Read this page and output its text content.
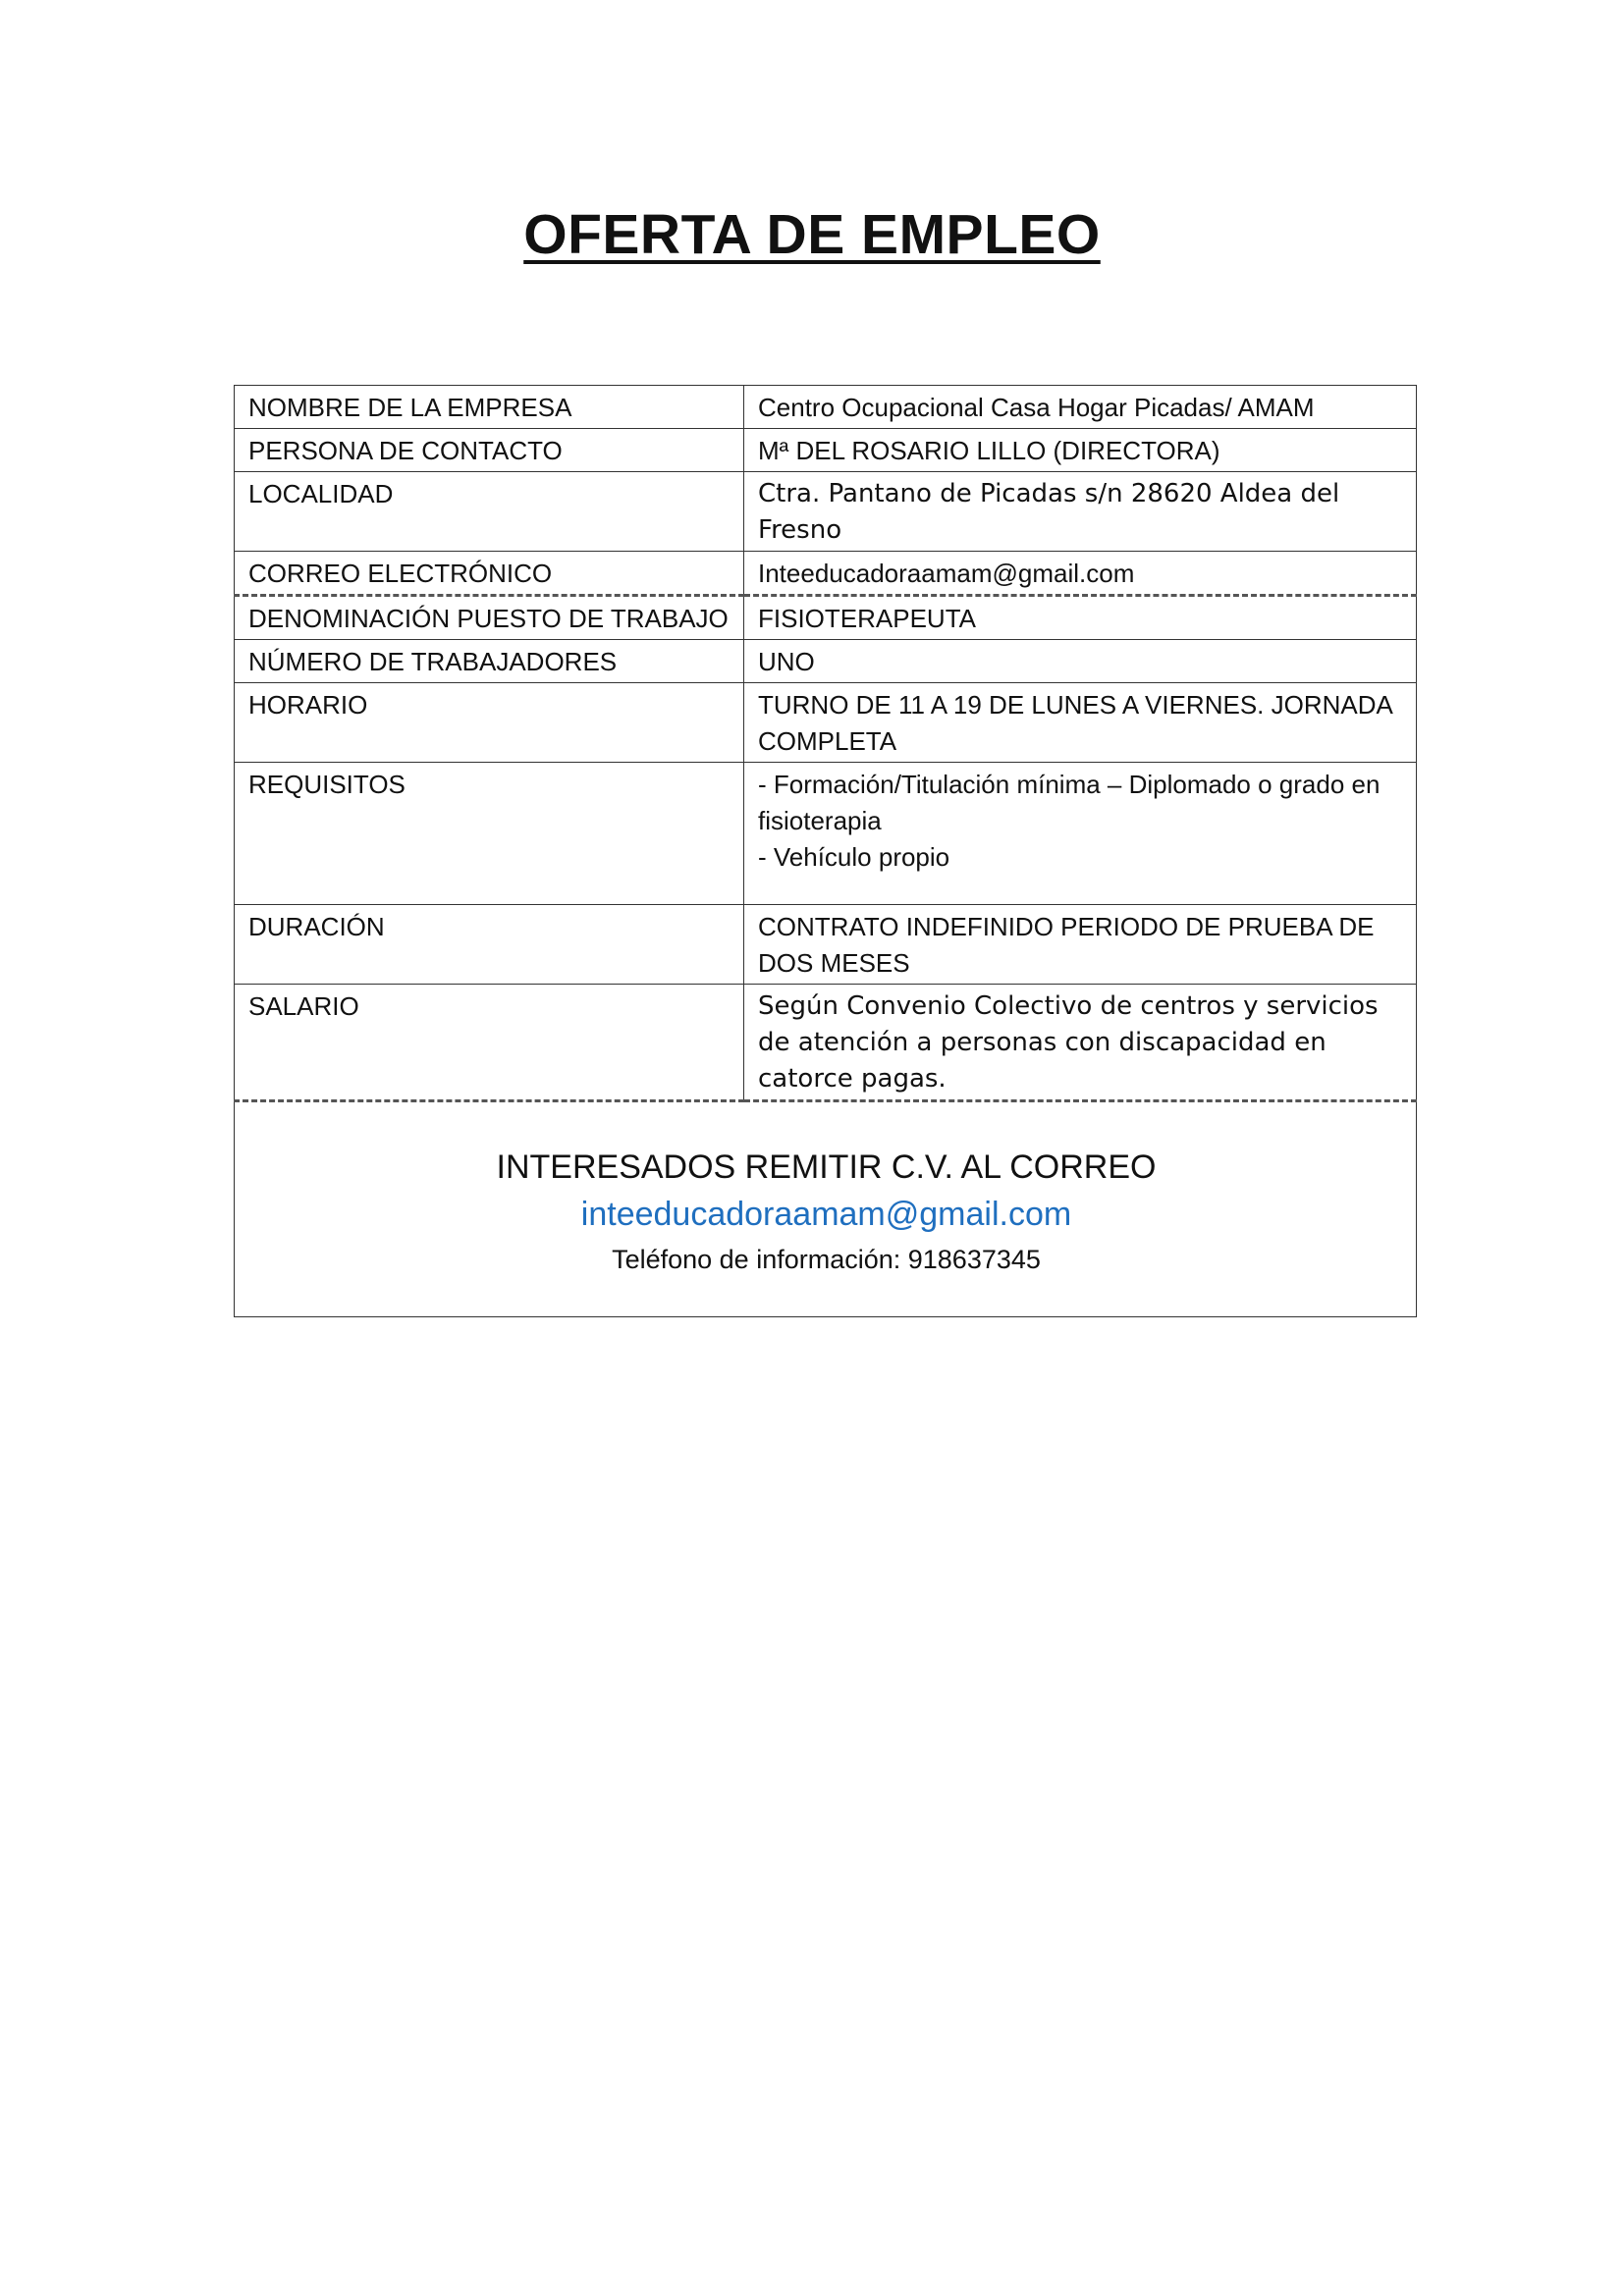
OFERTA DE EMPLEO
NOMBRE DE LA EMPRESA	Centro Ocupacional Casa Hogar Picadas/ AMAM
PERSONA DE CONTACTO	Mª DEL ROSARIO LILLO (DIRECTORA)
LOCALIDAD	Ctra. Pantano de Picadas s/n 28620 Aldea del Fresno
CORREO ELECTRÓNICO	Inteeducadoraamam@gmail.com
DENOMINACIÓN PUESTO DE TRABAJO	FISIOTERAPEUTA
NÚMERO DE TRABAJADORES	UNO
HORARIO	TURNO DE 11 A 19 DE LUNES A VIERNES. JORNADA COMPLETA
REQUISITOS	- Formación/Titulación mínima – Diplomado o grado en fisioterapia
- Vehículo propio

DURACIÓN	CONTRATO INDEFINIDO PERIODO DE PRUEBA DE DOS MESES
SALARIO	Según Convenio Colectivo de centros y servicios de atención a personas con discapacidad en catorce pagas.

INTERESADOS REMITIR C.V. AL CORREO
inteeducadoraamam@gmail.com
Teléfono de información: 918637345	
